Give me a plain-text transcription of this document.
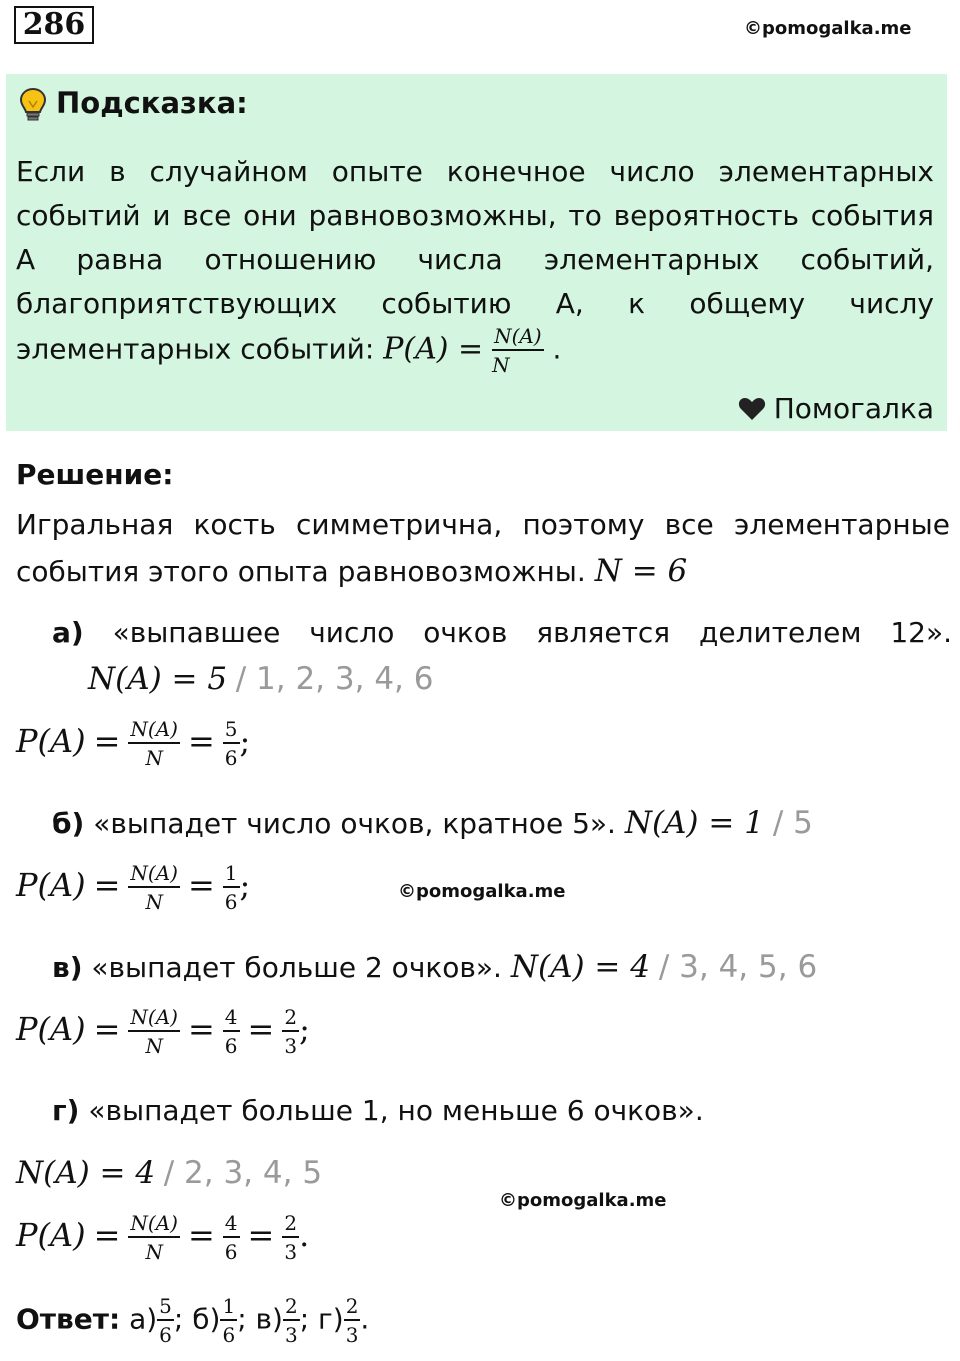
286	©pomogalka.me
Подсказка:
Если в случайном опыте конечное число элементарных событий и все они равновозможны, то вероятность события А равна отношению числа элементарных событий, благоприятствующих событию А, к общему числу элементарных событий: $P(A) = \frac{N(A)}{N}$ .
Помогалка
Решение:
Игральная кость симметрична, поэтому все элементарные события этого опыта равновозможны. N = 6
а) «выпавшее число очков является делителем 12».
N(A) = 5 / 1, 2, 3, 4, 6
$P(A) = \frac{N(A)}{N} = \frac{5}{6}$ ;
б) «выпадет число очков, кратное 5». N(A) = 1 / 5
$P(A) = \frac{N(A)}{N} = \frac{1}{6}$ ;	©pomogalka.me
в) «выпадет больше 2 очков». N(A) = 4 / 3, 4, 5, 6
$P(A) = \frac{N(A)}{N} = \frac{4}{6} = \frac{2}{3}$ ;
г) «выпадет больше 1, но меньше 6 очков».
N(A) = 4 / 2, 3, 4, 5
©pomogalka.me
$P(A) = \frac{N(A)}{N} = \frac{4}{6} = \frac{2}{3}$ .
Ответ: $а) \frac{5}{6}$ ; $б) \frac{1}{6}$ ; $в) \frac{2}{3}$ ; $г) \frac{2}{3}$ .
